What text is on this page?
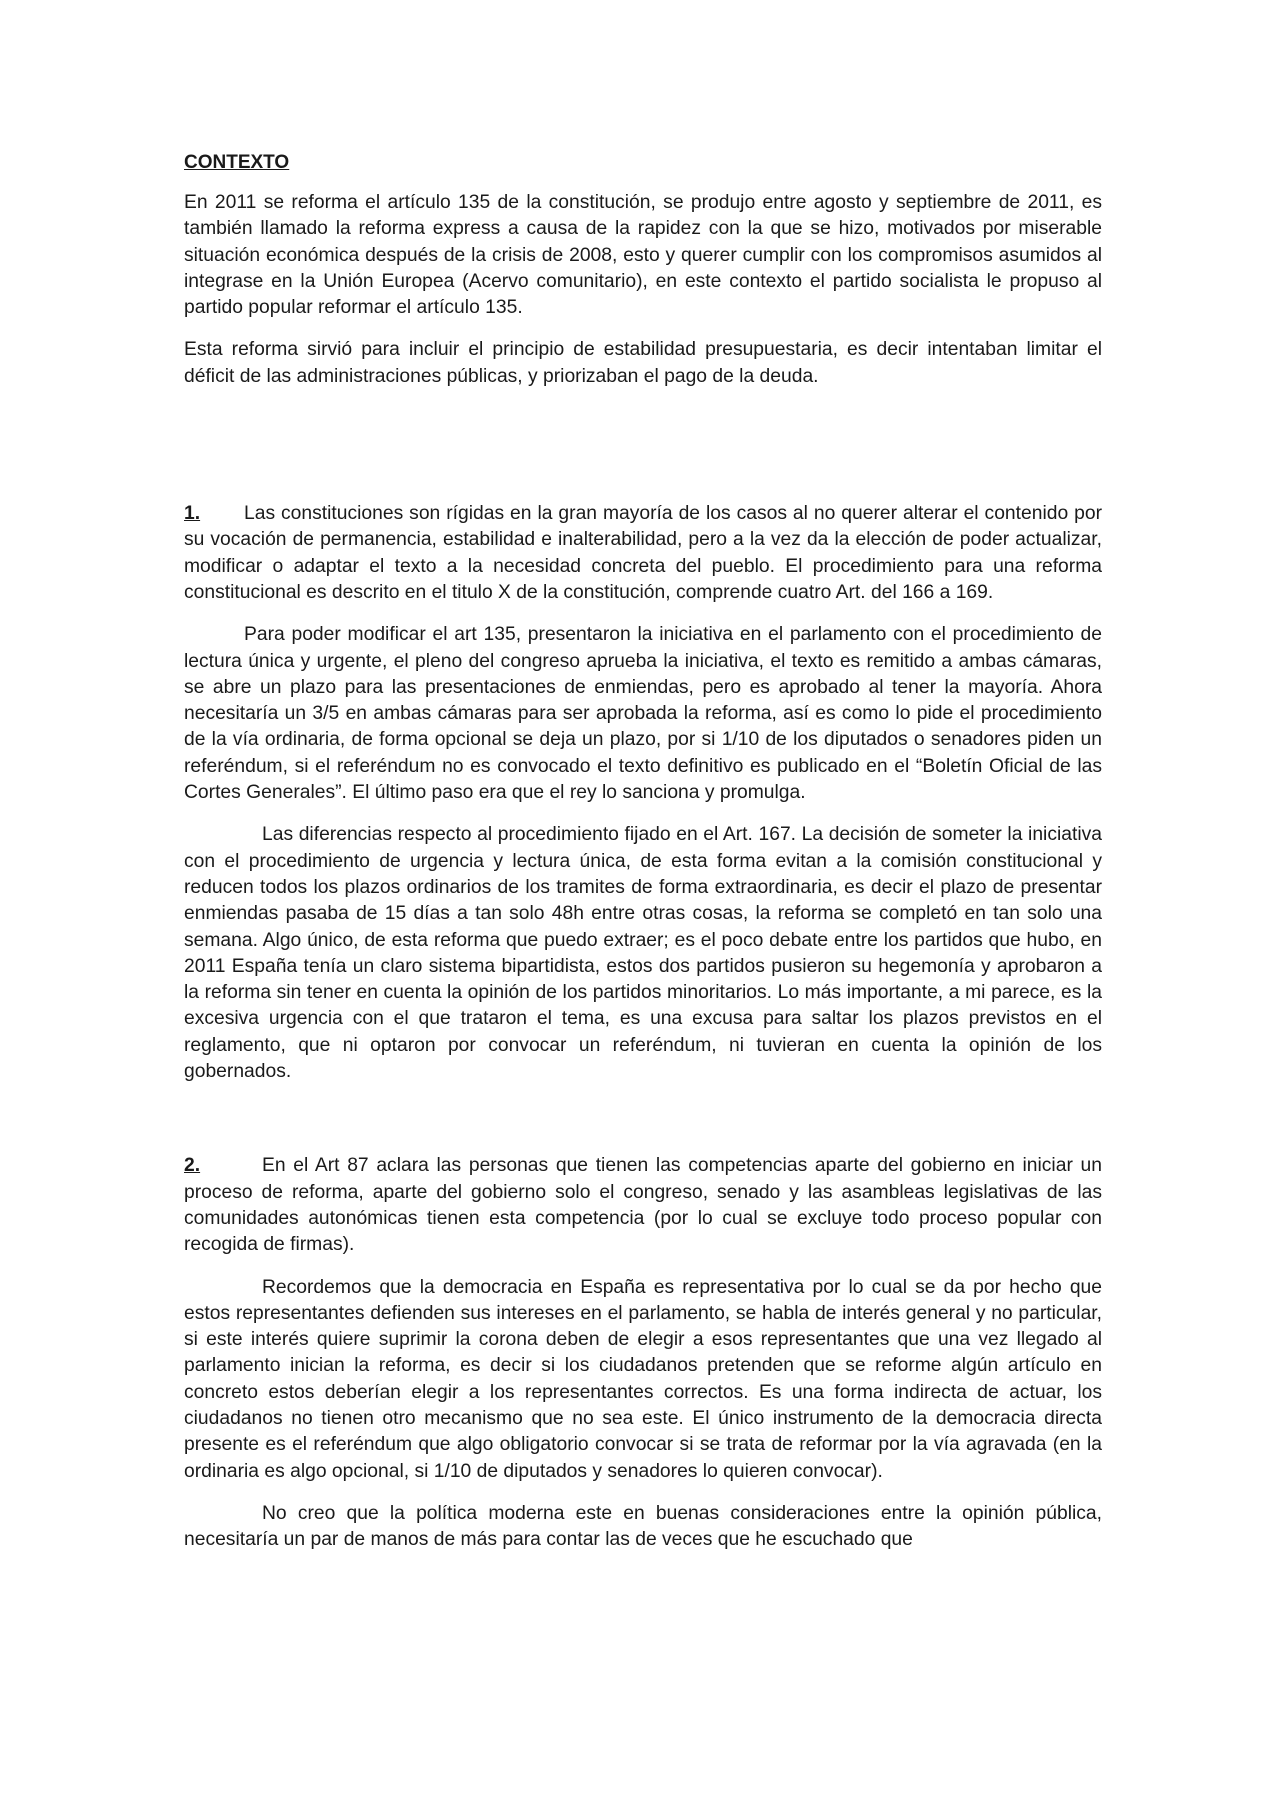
CONTEXTO

En 2011 se reforma el artículo 135 de la constitución, se produjo entre agosto y septiembre de 2011, es también llamado la reforma express a causa de la rapidez con la que se hizo, motivados por miserable situación económica después de la crisis de 2008, esto y querer cumplir con los compromisos asumidos al integrase en la Unión Europea (Acervo comunitario), en este contexto el partido socialista le propuso al partido popular reformar el artículo 135.

Esta reforma sirvió para incluir el principio de estabilidad presupuestaria, es decir intentaban limitar el déficit de las administraciones públicas, y priorizaban el pago de la deuda.

1. Las constituciones son rígidas en la gran mayoría de los casos al no querer alterar el contenido por su vocación de permanencia, estabilidad e inalterabilidad, pero a la vez da la elección de poder actualizar, modificar o adaptar el texto a la necesidad concreta del pueblo. El procedimiento para una reforma constitucional es descrito en el titulo X de la constitución, comprende cuatro Art. del 166 a 169.

Para poder modificar el art 135, presentaron la iniciativa en el parlamento con el procedimiento de lectura única y urgente, el pleno del congreso aprueba la iniciativa, el texto es remitido a ambas cámaras, se abre un plazo para las presentaciones de enmiendas, pero es aprobado al tener la mayoría. Ahora necesitaría un 3/5 en ambas cámaras para ser aprobada la reforma, así es como lo pide el procedimiento de la vía ordinaria, de forma opcional se deja un plazo, por si 1/10 de los diputados o senadores piden un referéndum, si el referéndum no es convocado el texto definitivo es publicado en el “Boletín Oficial de las Cortes Generales”. El último paso era que el rey lo sanciona y promulga.

Las diferencias respecto al procedimiento fijado en el Art. 167. La decisión de someter la iniciativa con el procedimiento de urgencia y lectura única, de esta forma evitan a la comisión constitucional y reducen todos los plazos ordinarios de los tramites de forma extraordinaria, es decir el plazo de presentar enmiendas pasaba de 15 días a tan solo 48h entre otras cosas, la reforma se completó en tan solo una semana. Algo único, de esta reforma que puedo extraer; es el poco debate entre los partidos que hubo, en 2011 España tenía un claro sistema bipartidista, estos dos partidos pusieron su hegemonía y aprobaron a la reforma sin tener en cuenta la opinión de los partidos minoritarios. Lo más importante, a mi parece, es la excesiva urgencia con el que trataron el tema, es una excusa para saltar los plazos previstos en el reglamento, que ni optaron por convocar un referéndum, ni tuvieran en cuenta la opinión de los gobernados.

2.	En el Art 87 aclara las personas que tienen las competencias aparte del gobierno en iniciar un proceso de reforma, aparte del gobierno solo el congreso, senado y las asambleas legislativas de las comunidades autonómicas tienen esta competencia (por lo cual se excluye todo proceso popular con recogida de firmas).

Recordemos que la democracia en España es representativa por lo cual se da por hecho que estos representantes defienden sus intereses en el parlamento, se habla de interés general y no particular, si este interés quiere suprimir la corona deben de elegir a esos representantes que una vez llegado al parlamento inician la reforma, es decir si los ciudadanos pretenden que se reforme algún artículo en concreto estos deberían elegir a los representantes correctos. Es una forma indirecta de actuar, los ciudadanos no tienen otro mecanismo que no sea este. El único instrumento de la democracia directa presente es el referéndum que algo obligatorio convocar si se trata de reformar por la vía agravada (en la ordinaria es algo opcional, si 1/10 de diputados y senadores lo quieren convocar).

No creo que la política moderna este en buenas consideraciones entre la opinión pública, necesitaría un par de manos de más para contar las de veces que he escuchado que
